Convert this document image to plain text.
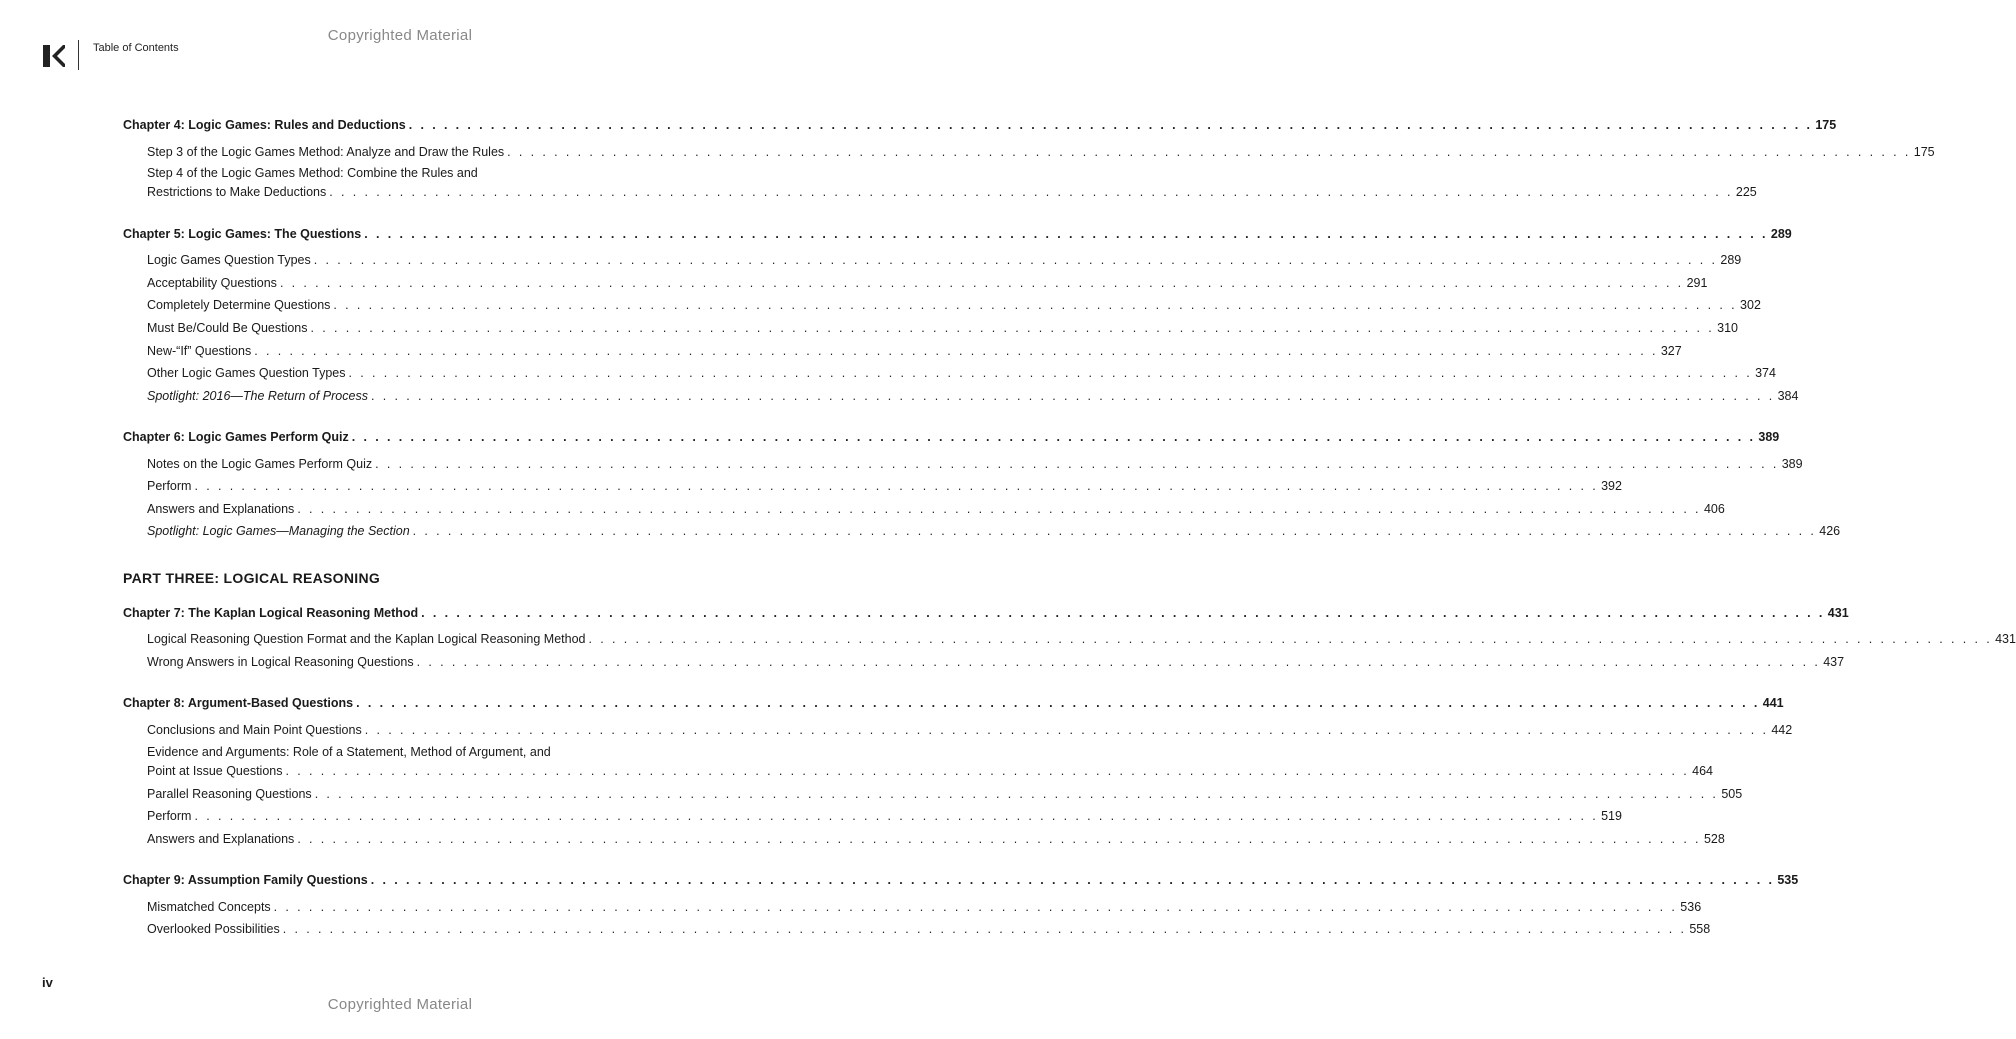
Copyrighted Material
Table of Contents
Chapter 4: Logic Games: Rules and Deductions . . . . . . . . . . . . . . . . . . . . . . . . . . . . . . . . . . . . . . . . . . . . . . . . . . . . . . . . . . . . . . . . . . . . . . . . . . . . . . . . . . . . . . . . . . . . . . . . . . . . . . . . . . . . . . . . . . . . . . . . 175
Step 3 of the Logic Games Method: Analyze and Draw the Rules . . . . . . . . . . . . . . . . . . . . . . . . . . . . . . . . . . . . . . . . . . . . . . . . . . . . . . . . . . . . . . . . . . . . . . . . . . . . . . . . . . . . . . . . . . . . . . . . . . . . . . . . . . . . . . . . . . . . . . . . 175
Step 4 of the Logic Games Method: Combine the Rules and
Restrictions to Make Deductions . . . . . . . . . . . . . . . . . . . . . . . . . . . . . . . . . . . . . . . . . . . . . . . . . . . . . . . . . . . . . . . . . . . . . . . . . . . . . . . . . . . . . . . . . . . . . . . . . . . . . . . . . . . . . . . . . . . . . . . . 225
Chapter 5: Logic Games: The Questions . . . . . . . . . . . . . . . . . . . . . . . . . . . . . . . . . . . . . . . . . . . . . . . . . . . . . . . . . . . . . . . . . . . . . . . . . . . . . . . . . . . . . . . . . . . . . . . . . . . . . . . . . . . . . . . . . . . . . . . . 289
Logic Games Question Types . . . . . . . . . . . . . . . . . . . . . . . . . . . . . . . . . . . . . . . . . . . . . . . . . . . . . . . . . . . . . . . . . . . . . . . . . . . . . . . . . . . . . . . . . . . . . . . . . . . . . . . . . . . . . . . . . . . . . . . . 289
Acceptability Questions . . . . . . . . . . . . . . . . . . . . . . . . . . . . . . . . . . . . . . . . . . . . . . . . . . . . . . . . . . . . . . . . . . . . . . . . . . . . . . . . . . . . . . . . . . . . . . . . . . . . . . . . . . . . . . . . . . . . . . . . 291
Completely Determine Questions . . . . . . . . . . . . . . . . . . . . . . . . . . . . . . . . . . . . . . . . . . . . . . . . . . . . . . . . . . . . . . . . . . . . . . . . . . . . . . . . . . . . . . . . . . . . . . . . . . . . . . . . . . . . . . . . . . . . . . . . 302
Must Be/Could Be Questions . . . . . . . . . . . . . . . . . . . . . . . . . . . . . . . . . . . . . . . . . . . . . . . . . . . . . . . . . . . . . . . . . . . . . . . . . . . . . . . . . . . . . . . . . . . . . . . . . . . . . . . . . . . . . . . . . . . . . . . . 310
New-“If” Questions . . . . . . . . . . . . . . . . . . . . . . . . . . . . . . . . . . . . . . . . . . . . . . . . . . . . . . . . . . . . . . . . . . . . . . . . . . . . . . . . . . . . . . . . . . . . . . . . . . . . . . . . . . . . . . . . . . . . . . . . 327
Other Logic Games Question Types . . . . . . . . . . . . . . . . . . . . . . . . . . . . . . . . . . . . . . . . . . . . . . . . . . . . . . . . . . . . . . . . . . . . . . . . . . . . . . . . . . . . . . . . . . . . . . . . . . . . . . . . . . . . . . . . . . . . . . . . 374
Spotlight: 2016—The Return of Process . . . . . . . . . . . . . . . . . . . . . . . . . . . . . . . . . . . . . . . . . . . . . . . . . . . . . . . . . . . . . . . . . . . . . . . . . . . . . . . . . . . . . . . . . . . . . . . . . . . . . . . . . . . . . . . . . . . . . . . . 384
Chapter 6: Logic Games Perform Quiz . . . . . . . . . . . . . . . . . . . . . . . . . . . . . . . . . . . . . . . . . . . . . . . . . . . . . . . . . . . . . . . . . . . . . . . . . . . . . . . . . . . . . . . . . . . . . . . . . . . . . . . . . . . . . . . . . . . . . . . . 389
Notes on the Logic Games Perform Quiz . . . . . . . . . . . . . . . . . . . . . . . . . . . . . . . . . . . . . . . . . . . . . . . . . . . . . . . . . . . . . . . . . . . . . . . . . . . . . . . . . . . . . . . . . . . . . . . . . . . . . . . . . . . . . . . . . . . . . . . . 389
Perform . . . . . . . . . . . . . . . . . . . . . . . . . . . . . . . . . . . . . . . . . . . . . . . . . . . . . . . . . . . . . . . . . . . . . . . . . . . . . . . . . . . . . . . . . . . . . . . . . . . . . . . . . . . . . . . . . . . . . . . . 392
Answers and Explanations . . . . . . . . . . . . . . . . . . . . . . . . . . . . . . . . . . . . . . . . . . . . . . . . . . . . . . . . . . . . . . . . . . . . . . . . . . . . . . . . . . . . . . . . . . . . . . . . . . . . . . . . . . . . . . . . . . . . . . . . 406
Spotlight: Logic Games—Managing the Section . . . . . . . . . . . . . . . . . . . . . . . . . . . . . . . . . . . . . . . . . . . . . . . . . . . . . . . . . . . . . . . . . . . . . . . . . . . . . . . . . . . . . . . . . . . . . . . . . . . . . . . . . . . . . . . . . . . . . . . . 426
Chapter 7: The Kaplan Logical Reasoning Method . . . . . . . . . . . . . . . . . . . . . . . . . . . . . . . . . . . . . . . . . . . . . . . . . . . . . . . . . . . . . . . . . . . . . . . . . . . . . . . . . . . . . . . . . . . . . . . . . . . . . . . . . . . . . . . . . . . . . . . . 431
Logical Reasoning Question Format and the Kaplan Logical Reasoning Method . . . . . . . . . . . . . . . . . . . . . . . . . . . . . . . . . . . . . . . . . . . . . . . . . . . . . . . . . . . . . . . . . . . . . . . . . . . . . . . . . . . . . . . . . . . . . . . . . . . . . . . . . . . . . . . . . . . . . . . . 431
Wrong Answers in Logical Reasoning Questions . . . . . . . . . . . . . . . . . . . . . . . . . . . . . . . . . . . . . . . . . . . . . . . . . . . . . . . . . . . . . . . . . . . . . . . . . . . . . . . . . . . . . . . . . . . . . . . . . . . . . . . . . . . . . . . . . . . . . . . . 437
Chapter 8: Argument-Based Questions . . . . . . . . . . . . . . . . . . . . . . . . . . . . . . . . . . . . . . . . . . . . . . . . . . . . . . . . . . . . . . . . . . . . . . . . . . . . . . . . . . . . . . . . . . . . . . . . . . . . . . . . . . . . . . . . . . . . . . . . 441
Conclusions and Main Point Questions . . . . . . . . . . . . . . . . . . . . . . . . . . . . . . . . . . . . . . . . . . . . . . . . . . . . . . . . . . . . . . . . . . . . . . . . . . . . . . . . . . . . . . . . . . . . . . . . . . . . . . . . . . . . . . . . . . . . . . . . 442
Evidence and Arguments: Role of a Statement, Method of Argument, and
Point at Issue Questions . . . . . . . . . . . . . . . . . . . . . . . . . . . . . . . . . . . . . . . . . . . . . . . . . . . . . . . . . . . . . . . . . . . . . . . . . . . . . . . . . . . . . . . . . . . . . . . . . . . . . . . . . . . . . . . . . . . . . . . . 464
Parallel Reasoning Questions . . . . . . . . . . . . . . . . . . . . . . . . . . . . . . . . . . . . . . . . . . . . . . . . . . . . . . . . . . . . . . . . . . . . . . . . . . . . . . . . . . . . . . . . . . . . . . . . . . . . . . . . . . . . . . . . . . . . . . . . 505
Perform . . . . . . . . . . . . . . . . . . . . . . . . . . . . . . . . . . . . . . . . . . . . . . . . . . . . . . . . . . . . . . . . . . . . . . . . . . . . . . . . . . . . . . . . . . . . . . . . . . . . . . . . . . . . . . . . . . . . . . . . 519
Answers and Explanations . . . . . . . . . . . . . . . . . . . . . . . . . . . . . . . . . . . . . . . . . . . . . . . . . . . . . . . . . . . . . . . . . . . . . . . . . . . . . . . . . . . . . . . . . . . . . . . . . . . . . . . . . . . . . . . . . . . . . . . . 528
Chapter 9: Assumption Family Questions . . . . . . . . . . . . . . . . . . . . . . . . . . . . . . . . . . . . . . . . . . . . . . . . . . . . . . . . . . . . . . . . . . . . . . . . . . . . . . . . . . . . . . . . . . . . . . . . . . . . . . . . . . . . . . . . . . . . . . . . 535
Mismatched Concepts . . . . . . . . . . . . . . . . . . . . . . . . . . . . . . . . . . . . . . . . . . . . . . . . . . . . . . . . . . . . . . . . . . . . . . . . . . . . . . . . . . . . . . . . . . . . . . . . . . . . . . . . . . . . . . . . . . . . . . . . 536
Overlooked Possibilities . . . . . . . . . . . . . . . . . . . . . . . . . . . . . . . . . . . . . . . . . . . . . . . . . . . . . . . . . . . . . . . . . . . . . . . . . . . . . . . . . . . . . . . . . . . . . . . . . . . . . . . . . . . . . . . . . . . . . . . . 558
PART THREE: LOGICAL REASONING
iv
Copyrighted Material
